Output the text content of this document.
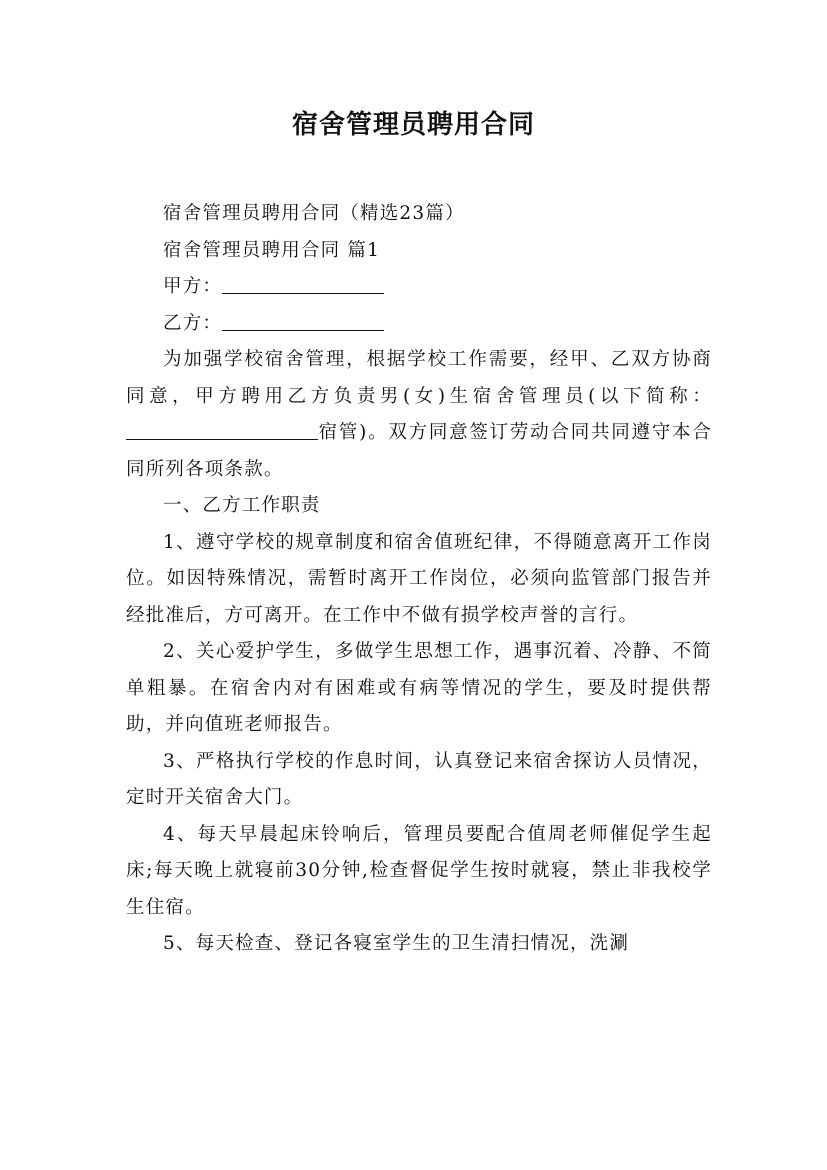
宿舍管理员聘用合同

宿舍管理员聘用合同（精选23篇）

宿舍管理员聘用合同 篇1

甲方：

乙方：

为加强学校宿舍管理，根据学校工作需要，经甲、乙双方协商同意，甲方聘用乙方负责男(女)生宿舍管理员(以下简称：宿管)。双方同意签订劳动合同共同遵守本合同所列各项条款。

一、乙方工作职责

1、遵守学校的规章制度和宿舍值班纪律，不得随意离开工作岗位。如因特殊情况，需暂时离开工作岗位，必须向监管部门报告并经批准后，方可离开。在工作中不做有损学校声誉的言行。

2、关心爱护学生，多做学生思想工作，遇事沉着、冷静、不简单粗暴。在宿舍内对有困难或有病等情况的学生，要及时提供帮助，并向值班老师报告。

3、严格执行学校的作息时间，认真登记来宿舍探访人员情况，定时开关宿舍大门。

4、每天早晨起床铃响后，管理员要配合值周老师催促学生起床;每天晚上就寝前30分钟,检查督促学生按时就寝，禁止非我校学生住宿。

5、每天检查、登记各寝室学生的卫生清扫情况，洗涮
